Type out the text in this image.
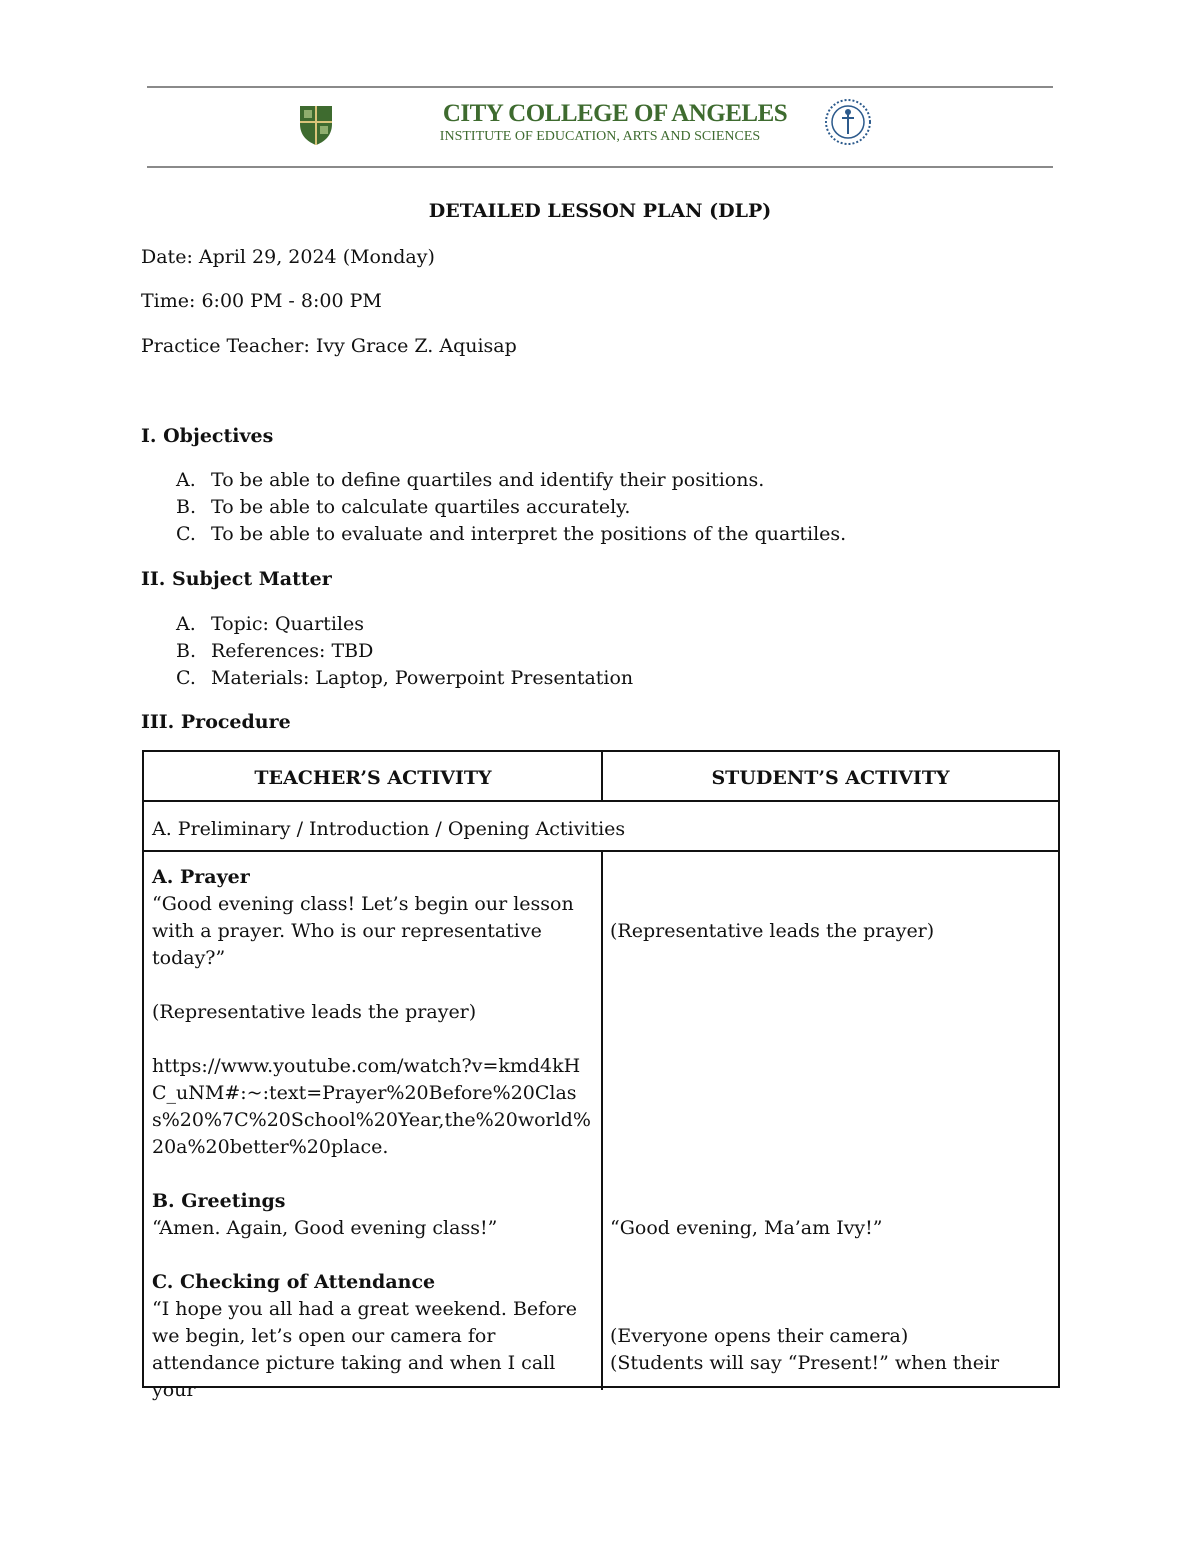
CITY COLLEGE OF ANGELES
INSTITUTE OF EDUCATION, ARTS AND SCIENCES
DETAILED LESSON PLAN (DLP)
Date: April 29, 2024 (Monday)
Time: 6:00 PM - 8:00 PM
Practice Teacher: Ivy Grace Z. Aquisap
I. Objectives
A. To be able to define quartiles and identify their positions.
B. To be able to calculate quartiles accurately.
C. To be able to evaluate and interpret the positions of the quartiles.
II. Subject Matter
A. Topic: Quartiles
B. References: TBD
C. Materials: Laptop, Powerpoint Presentation
III. Procedure
TEACHER’S ACTIVITY	STUDENT’S ACTIVITY
A. Preliminary / Introduction / Opening Activities
A. Prayer
“Good evening class! Let’s begin our lesson with a prayer. Who is our representative today?”
(Representative leads the prayer)
https://www.youtube.com/watch?v=kmd4kHC_uNM#:~:text=Prayer%20Before%20Class%20%7C%20School%20Year,the%20world%20a%20better%20place.
(Representative leads the prayer)
B. Greetings
“Amen. Again, Good evening class!”	“Good evening, Ma’am Ivy!”
C. Checking of Attendance
“I hope you all had a great weekend. Before we begin, let’s open our camera for attendance picture taking and when I call your
(Everyone opens their camera)
(Students will say “Present!” when their
